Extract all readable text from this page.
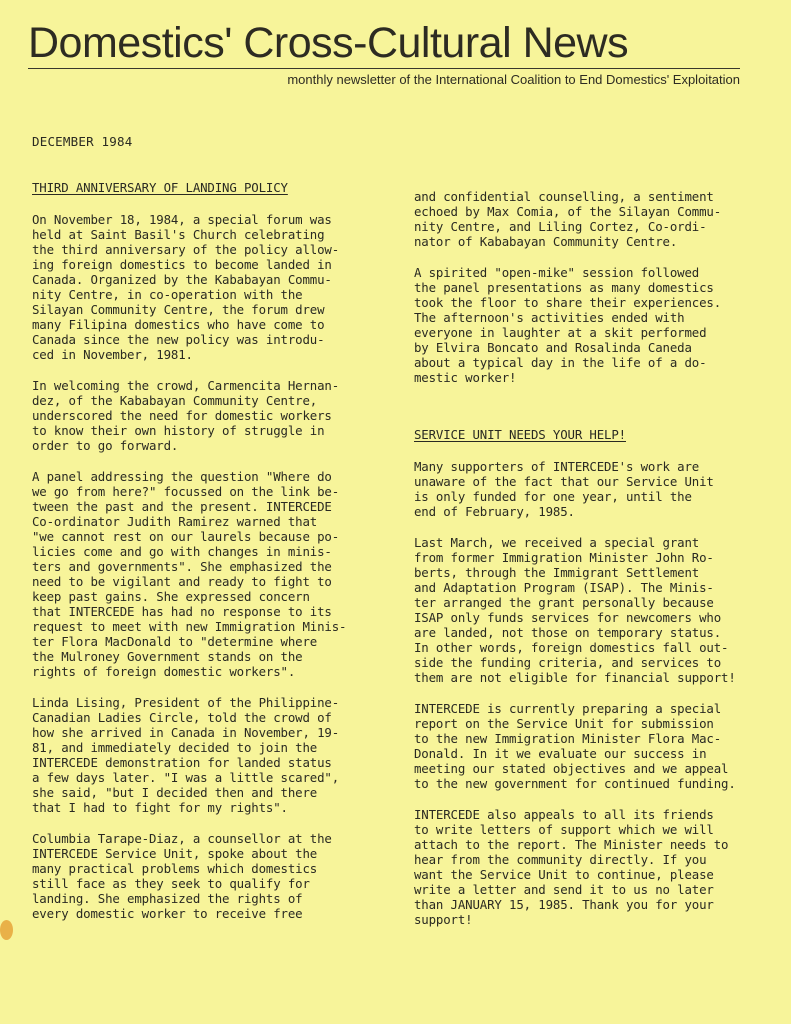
Domestics' Cross-Cultural News
monthly newsletter of the International Coalition to End Domestics' Exploitation
DECEMBER 1984
THIRD ANNIVERSARY OF LANDING POLICY

On November 18, 1984, a special forum was
held at Saint Basil's Church celebrating
the third anniversary of the policy allow-
ing foreign domestics to become landed in
Canada. Organized by the Kababayan Commu-
nity Centre, in co-operation with the
Silayan Community Centre, the forum drew
many Filipina domestics who have come to
Canada since the new policy was introdu-
ced in November, 1981.

In welcoming the crowd, Carmencita Hernan-
dez, of the Kababayan Community Centre,
underscored the need for domestic workers
to know their own history of struggle in
order to go forward.

A panel addressing the question "Where do
we go from here?" focussed on the link be-
tween the past and the present. INTERCEDE
Co-ordinator Judith Ramirez warned that
"we cannot rest on our laurels because po-
licies come and go with changes in minis-
ters and governments". She emphasized the
need to be vigilant and ready to fight to
keep past gains. She expressed concern
that INTERCEDE has had no response to its
request to meet with new Immigration Minis-
ter Flora MacDonald to "determine where
the Mulroney Government stands on the
rights of foreign domestic workers".

Linda Lising, President of the Philippine-
Canadian Ladies Circle, told the crowd of
how she arrived in Canada in November, 19-
81, and immediately decided to join the
INTERCEDE demonstration for landed status
a few days later. "I was a little scared",
she said, "but I decided then and there
that I had to fight for my rights".

Columbia Tarape-Diaz, a counsellor at the
INTERCEDE Service Unit, spoke about the
many practical problems which domestics
still face as they seek to qualify for
landing. She emphasized the rights of
every domestic worker to receive free

and confidential counselling, a sentiment
echoed by Max Comia, of the Silayan Commu-
nity Centre, and Liling Cortez, Co-ordi-
nator of Kababayan Community Centre.

A spirited "open-mike" session followed
the panel presentations as many domestics
took the floor to share their experiences.
The afternoon's activities ended with
everyone in laughter at a skit performed
by Elvira Boncato and Rosalinda Caneda
about a typical day in the life of a do-
mestic worker!

SERVICE UNIT NEEDS YOUR HELP!

Many supporters of INTERCEDE's work are
unaware of the fact that our Service Unit
is only funded for one year, until the
end of February, 1985.

Last March, we received a special grant
from former Immigration Minister John Ro-
berts, through the Immigrant Settlement
and Adaptation Program (ISAP). The Minis-
ter arranged the grant personally because
ISAP only funds services for newcomers who
are landed, not those on temporary status.
In other words, foreign domestics fall out-
side the funding criteria, and services to
them are not eligible for financial support!

INTERCEDE is currently preparing a special
report on the Service Unit for submission
to the new Immigration Minister Flora Mac-
Donald. In it we evaluate our success in
meeting our stated objectives and we appeal
to the new government for continued funding.

INTERCEDE also appeals to all its friends
to write letters of support which we will
attach to the report. The Minister needs to
hear from the community directly. If you
want the Service Unit to continue, please
write a letter and send it to us no later
than JANUARY 15, 1985. Thank you for your
support!
